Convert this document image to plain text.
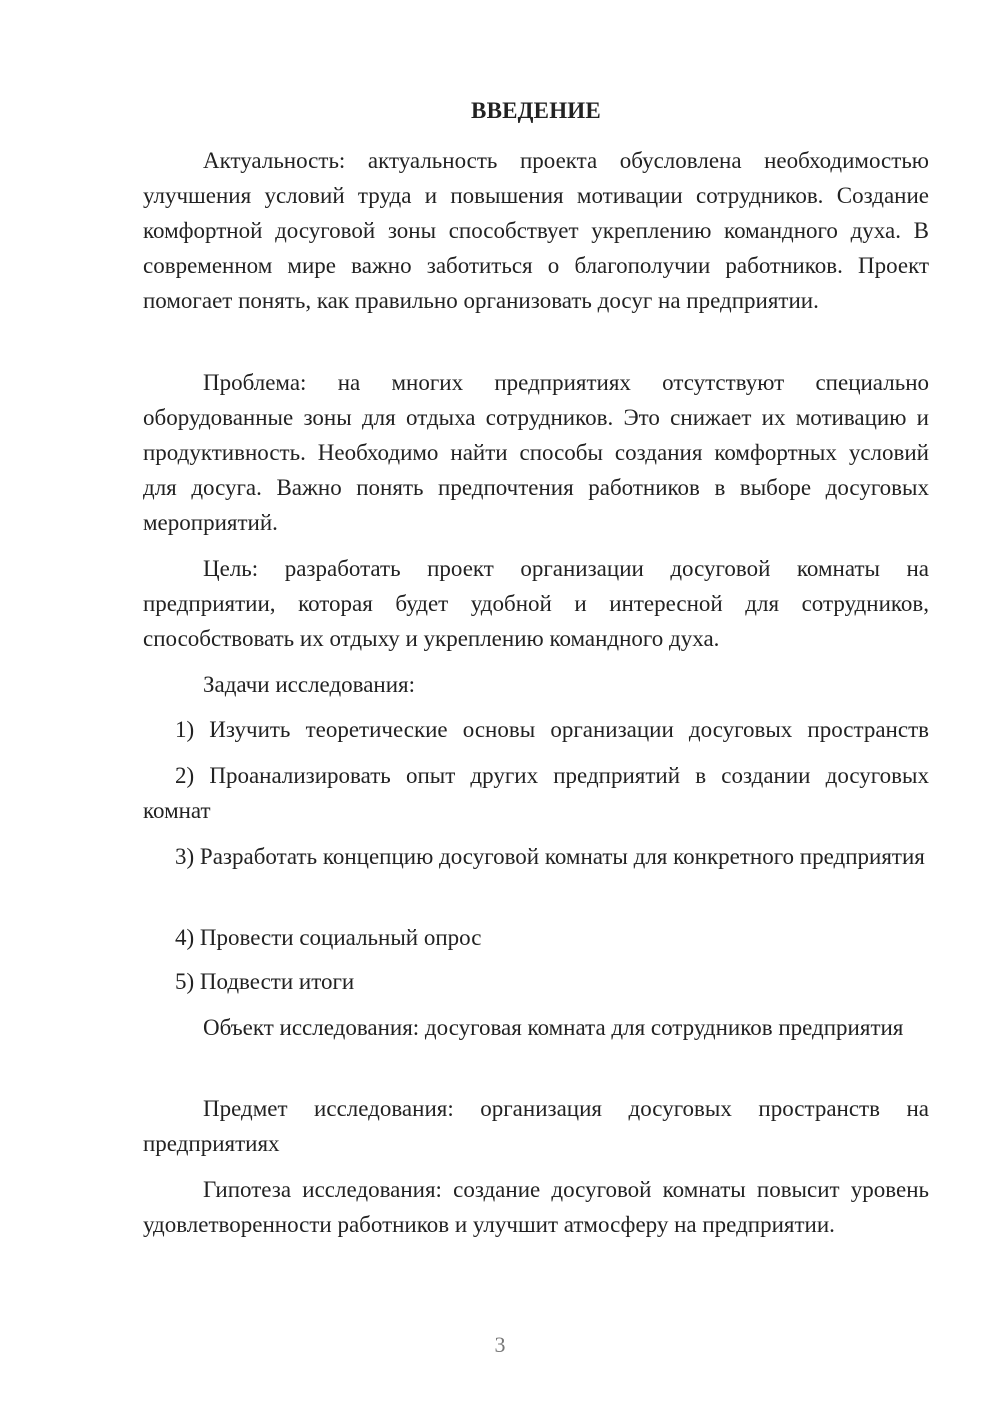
ВВЕДЕНИЕ

Актуальность: актуальность проекта обусловлена необходимостью улучшения условий труда и повышения мотивации сотрудников. Создание комфортной досуговой зоны способствует укреплению командного духа. В современном мире важно заботиться о благополучии работников. Проект помогает понять, как правильно организовать досуг на предприятии.

Проблема: на многих предприятиях отсутствуют специально оборудованные зоны для отдыха сотрудников. Это снижает их мотивацию и продуктивность. Необходимо найти способы создания комфортных условий для досуга. Важно понять предпочтения работников в выборе досуговых мероприятий.

Цель: разработать проект организации досуговой комнаты на предприятии, которая будет удобной и интересной для сотрудников, способствовать их отдыху и укреплению командного духа.

Задачи исследования:

1) Изучить теоретические основы организации досуговых пространств

2) Проанализировать опыт других предприятий в создании досуговых комнат

3) Разработать концепцию досуговой комнаты для конкретного предприятия

4) Провести социальный опрос

5) Подвести итоги

Объект исследования: досуговая комната для сотрудников предприятия

Предмет исследования: организация досуговых пространств на предприятиях

Гипотеза исследования: создание досуговой комнаты повысит уровень удовлетворенности работников и улучшит атмосферу на предприятии.

3
